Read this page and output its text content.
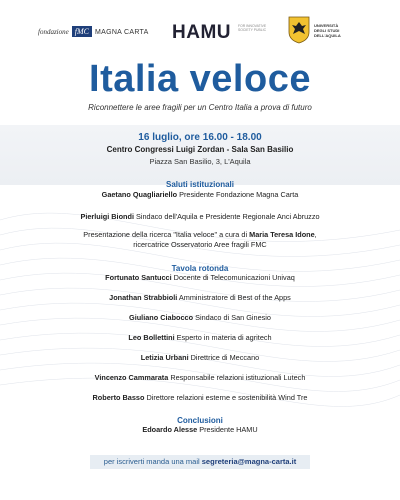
fondazione fMC MAGNA CARTA HAMU FOR INNOVATIVE SOCIETY PUBLIC
UNIVERSITÀ
DEGLI STUDI
DELL'AQUILA
Italia veloce
Riconnettere le aree fragili per un Centro Italia a prova di futuro
16 luglio, ore 16.00 - 18.00
Centro Congressi Luigi Zordan - Sala San Basilio
Piazza San Basilio, 3, L'Aquila
Saluti istituzionali
Gaetano Quagliariello Presidente Fondazione Magna Carta
Pierluigi Biondi Sindaco dell'Aquila e Presidente Regionale Anci Abruzzo
Presentazione della ricerca "Italia veloce" a cura di Maria Teresa Idone,
ricercatrice Osservatorio Aree fragili FMC
Tavola rotonda
Fortunato Santucci Docente di Telecomunicazioni Univaq
Jonathan Strabbioli Amministratore di Best of the Apps
Giuliano Ciabocco Sindaco di San Ginesio
Leo Bollettini Esperto in materia di agritech
Letizia Urbani Direttrice di Meccano
Vincenzo Cammarata Responsabile relazioni istituzionali Lutech
Roberto Basso Direttore relazioni esterne e sostenibilità Wind Tre
Conclusioni
Edoardo Alesse Presidente HAMU
per iscriverti manda una mail segreteria@magna-carta.it
